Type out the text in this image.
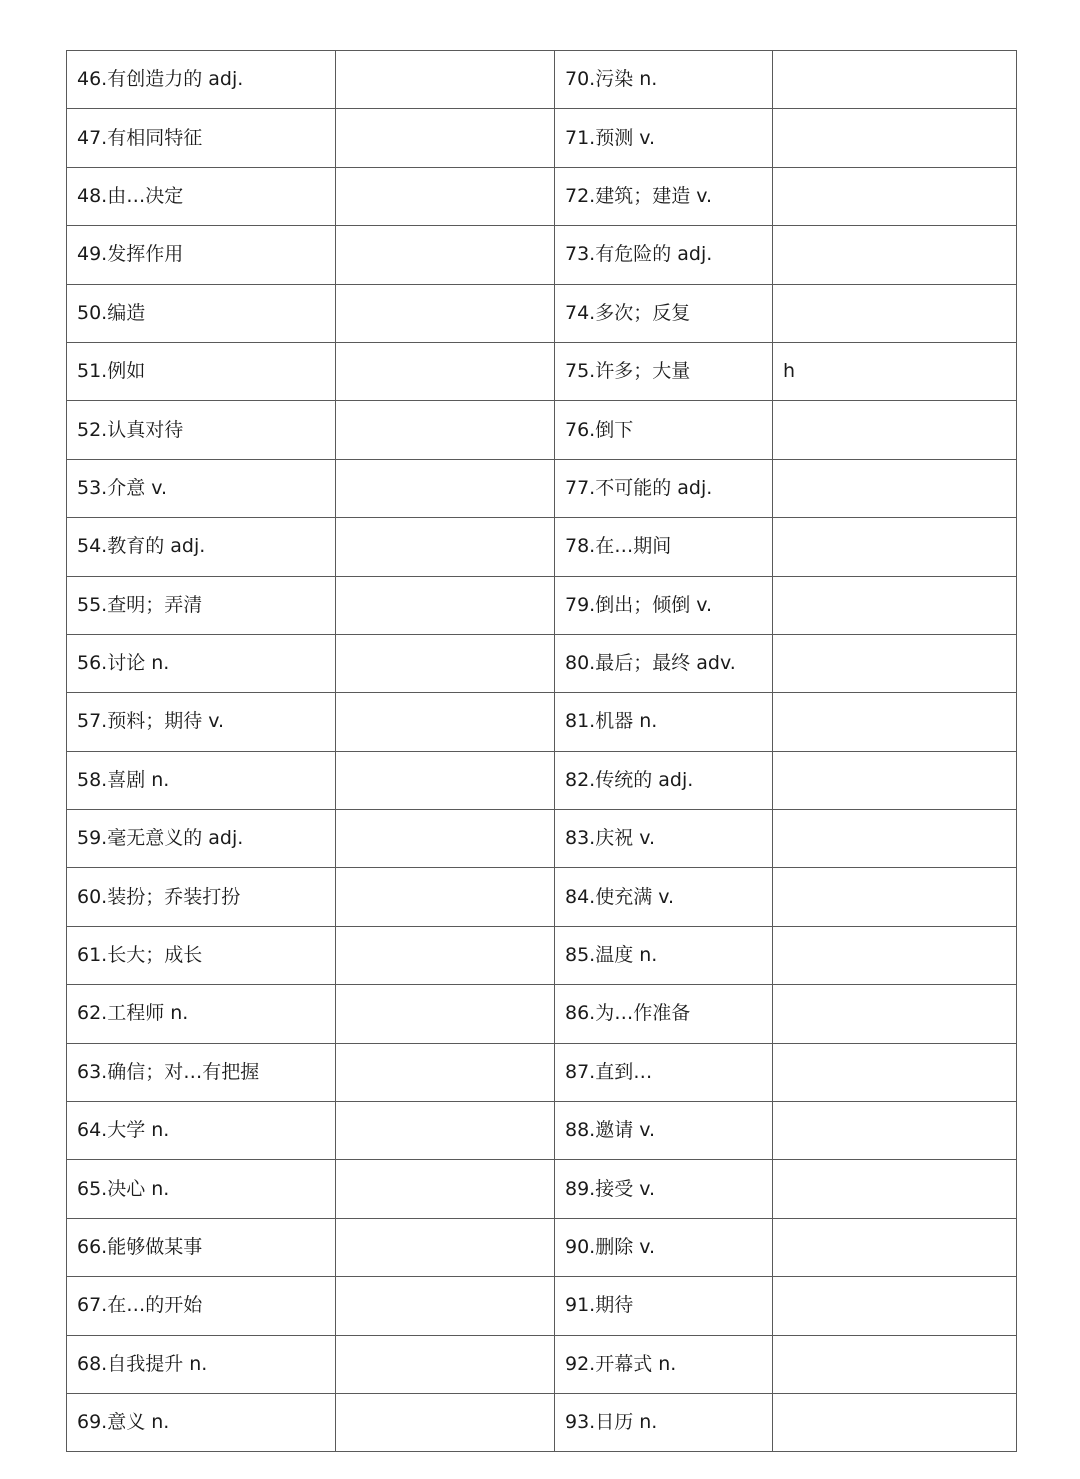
46.有创造力的 adj.		70.污染 n.	
47.有相同特征		71.预测 v.	
48.由…决定		72.建筑；建造 v.	
49.发挥作用		73.有危险的 adj.	
50.编造		74.多次；反复	
51.例如		75.许多；大量	h
52.认真对待		76.倒下	
53.介意 v.		77.不可能的 adj.	
54.教育的 adj.		78.在…期间	
55.查明；弄清		79.倒出；倾倒 v.	
56.讨论 n.		80.最后；最终 adv.	
57.预料；期待 v.		81.机器 n.	
58.喜剧 n.		82.传统的 adj.	
59.毫无意义的 adj.		83.庆祝 v.	
60.装扮；乔装打扮		84.使充满 v.	
61.长大；成长		85.温度 n.	
62.工程师 n.		86.为…作准备	
63.确信；对…有把握		87.直到…	
64.大学 n.		88.邀请 v.	
65.决心 n.		89.接受 v.	
66.能够做某事		90.删除 v.	
67.在…的开始		91.期待	
68.自我提升 n.		92.开幕式 n.	
69.意义 n.		93.日历 n.	
